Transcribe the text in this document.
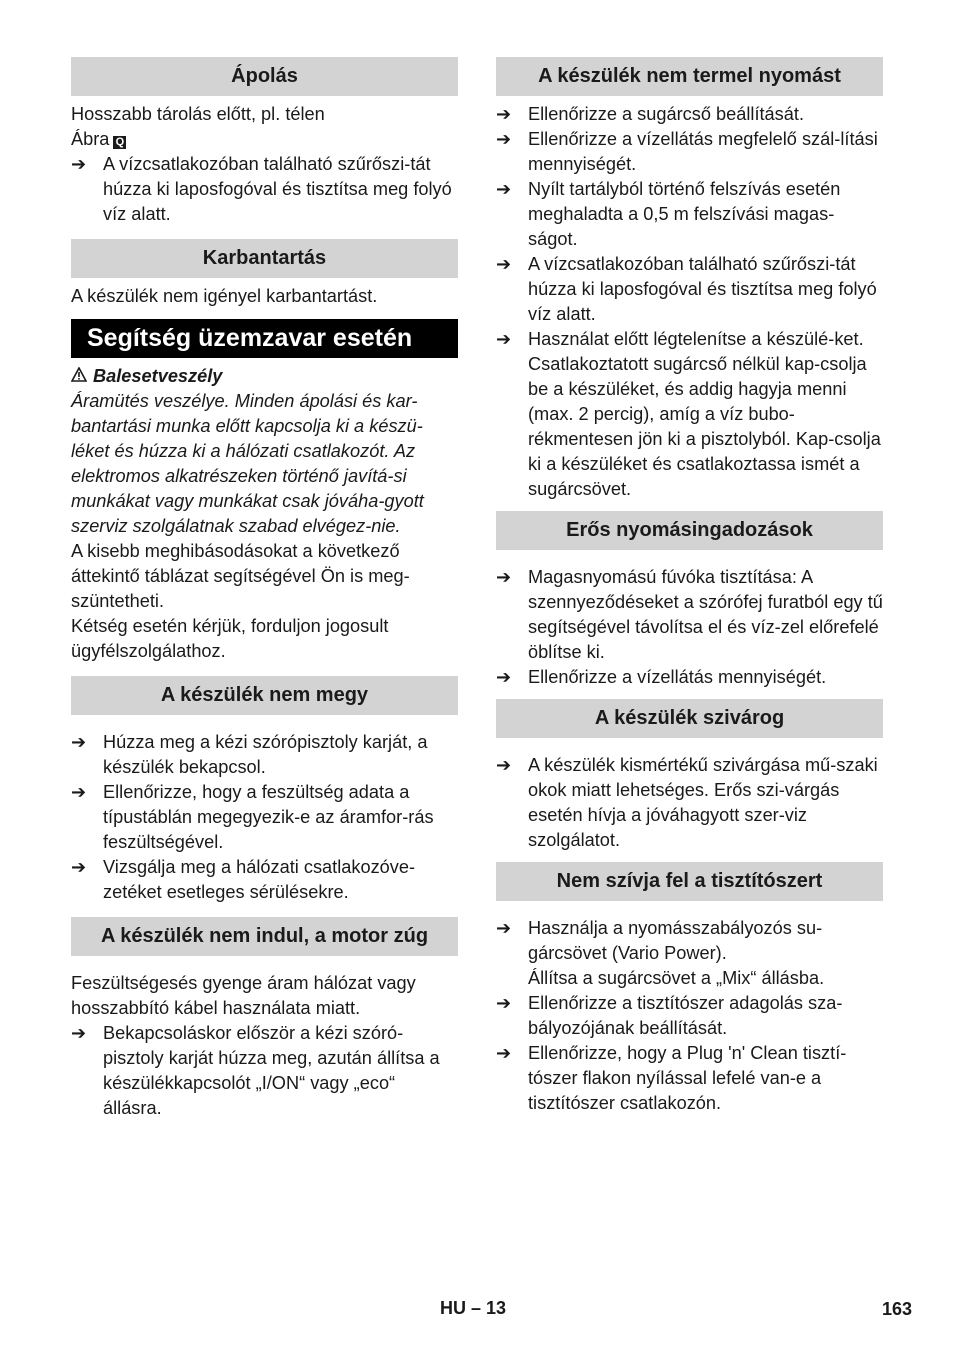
Ápolás

Hosszabb tárolás előtt, pl. télen
Ábra Q

➔ A vízcsatlakozóban található szűrőszi-tát húzza ki laposfogóval és tisztítsa meg folyó víz alatt.
Karbantartás

A készülék nem igényel karbantartást.

Segítség üzemzavar esetén

Balesetveszély

Áramütés veszélye. Minden ápolási és kar-bantartási munka előtt kapcsolja ki a készü-léket és húzza ki a hálózati csatlakozót. Az elektromos alkatrészeken történő javítá-si munkákat vagy munkákat csak jóváha-gyott szerviz szolgálatnak szabad elvégez-nie.

A kisebb meghibásodásokat a következő áttekintő táblázat segítségével Ön is meg-szüntetheti.

Kétség esetén kérjük, forduljon jogosult ügyfélszolgálathoz.

A készülék nem megy
➔ Húzza meg a kézi szórópisztoly karját, a készülék bekapcsol.
➔ Ellenőrizze, hogy a feszültség adata a típustáblán megegyezik-e az áramfor-rás feszültségével.
➔ Vizsgálja meg a hálózati csatlakozóve-zetéket esetleges sérülésekre.
A készülék nem indul, a motor zúg

Feszültségesés gyenge áram hálózat vagy hosszabbító kábel használata miatt.

➔ Bekapcsoláskor először a kézi szóró-pisztoly karját húzza meg, azután állítsa a készülékkapcsolót „I/ON“ vagy „eco“ állásra.
A készülék nem termel nyomást
➔ Ellenőrizze a sugárcső beállítását.
➔ Ellenőrizze a vízellátás megfelelő szál-lítási mennyiségét.
➔ Nyílt tartályból történő felszívás esetén meghaladta a 0,5 m felszívási magas-ságot.
➔ A vízcsatlakozóban található szűrőszi-tát húzza ki laposfogóval és tisztítsa meg folyó víz alatt.
➔ Használat előtt légtelenítse a készülé-ket.
Csatlakoztatott sugárcső nélkül kap-csolja be a készüléket, és addig hagyja menni (max. 2 percig), amíg a víz bubo-rékmentesen jön ki a pisztolyból. Kap-csolja ki a készüléket és csatlakoztassa ismét a sugárcsövet.
Erős nyomásingadozások
➔ Magasnyomású fúvóka tisztítása: A szennyeződéseket a szórófej furatból egy tű segítségével távolítsa el és víz-zel előrefelé öblítse ki.
➔ Ellenőrizze a vízellátás mennyiségét.
A készülék szivárog
➔ A készülék kismértékű szivárgása mű-szaki okok miatt lehetséges. Erős szi-várgás esetén hívja a jóváhagyott szer-viz szolgálatot.
Nem szívja fel a tisztítószert
➔ Használja a nyomásszabályozós su-gárcsövet (Vario Power).
Állítsa a sugárcsövet a „Mix“ állásba.
➔ Ellenőrizze a tisztítószer adagolás sza-bályozójának beállítását.
➔ Ellenőrizze, hogy a Plug 'n' Clean tisztí-tószer flakon nyílással lefelé van-e a tisztítószer csatlakozón.
HU – 13	163
